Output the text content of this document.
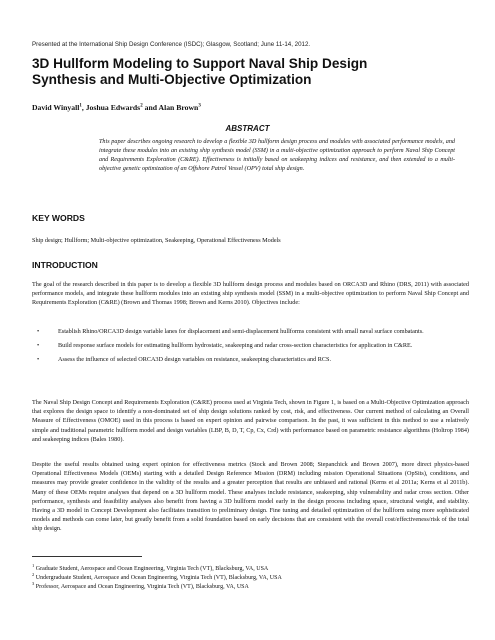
Presented at the International Ship Design Conference (ISDC); Glasgow, Scotland; June 11-14, 2012.
3D Hullform Modeling to Support Naval Ship Design
Synthesis and Multi-Objective Optimization
David Winyall$^1$, Joshua Edwards$^2$ and Alan Brown$^3$
ABSTRACT
This paper describes ongoing research to develop a flexible 3D hullform design process and modules with associated performance models, and integrate these modules into an existing ship synthesis model (SSM) in a multi-objective optimization approach to perform Naval Ship Concept and Requirements Exploration (C&RE). Effectiveness is initially based on seakeeping indices and resistance, and then extended to a multi-objective genetic optimization of an Offshore Patrol Vessel (OPV) total ship design.
KEY WORDS
Ship design; Hullform; Multi-objective optimization, Seakeeping, Operational Effectiveness Models
INTRODUCTION
The goal of the research described in this paper is to develop a flexible 3D hullform design process and modules based on ORCA3D and Rhino (DRS, 2011) with associated performance models, and integrate these hullform modules into an existing ship synthesis model (SSM) in a multi-objective optimization to perform Naval Ship Concept and Requirements Exploration (C&RE) (Brown and Thomas 1998; Brown and Kerns 2010). Objectives include:
•	Establish Rhino/ORCA3D design variable lanes for displacement and semi-displacement hullforms consistent with small naval surface combatants.
•	Build response surface models for estimating hullform hydrostatic, seakeeping and radar cross-section characteristics for application in C&RE.
•	Assess the influence of selected ORCA3D design variables on resistance, seakeeping characteristics and RCS.
The Naval Ship Design Concept and Requirements Exploration (C&RE) process used at Virginia Tech, shown in Figure 1, is based on a Multi-Objective Optimization approach that explores the design space to identify a non-dominated set of ship design solutions ranked by cost, risk, and effectiveness. Our current method of calculating an Overall Measure of Effectiveness (OMOE) used in this process is based on expert opinion and pairwise comparison. In the past, it was sufficient in this method to use a relatively simple and traditional parametric hullform model and design variables (LBP, B, D, T, Cp, Cx, Crd) with performance based on parametric resistance algorithms (Holtrop 1984) and seakeeping indices (Bales 1980).
Despite the useful results obtained using expert opinion for effectiveness metrics (Stock and Brown 2008; Stepanchick and Brown 2007), more direct physics-based Operational Effectiveness Models (OEMs) starting with a detailed Design Reference Mission (DRM) including mission Operational Situations (OpSits), conditions, and measures may provide greater confidence in the validity of the results and a greater perception that results are unbiased and rational (Kerns et al 2011a; Kerns et al 2011b). Many of these OEMs require analyses that depend on a 3D hullform model. These analyses include resistance, seakeeping, ship vulnerability and radar cross section. Other performance, synthesis and feasibility analyses also benefit from having a 3D hullform model early in the design process including space, structural weight, and stability. Having a 3D model in Concept Development also facilitates transition to preliminary design. Fine tuning and detailed optimization of the hullform using more sophisticated models and methods can come later, but greatly benefit from a solid foundation based on early decisions that are consistent with the overall cost/effectiveness/risk of the total ship design.
$^1$ Graduate Student, Aerospace and Ocean Engineering, Virginia Tech (VT), Blacksburg, VA, USA
$^2$ Undergraduate Student, Aerospace and Ocean Engineering, Virginia Tech (VT), Blacksburg, VA, USA
$^3$ Professor, Aerospace and Ocean Engineering, Virginia Tech (VT), Blacksburg, VA, USA
